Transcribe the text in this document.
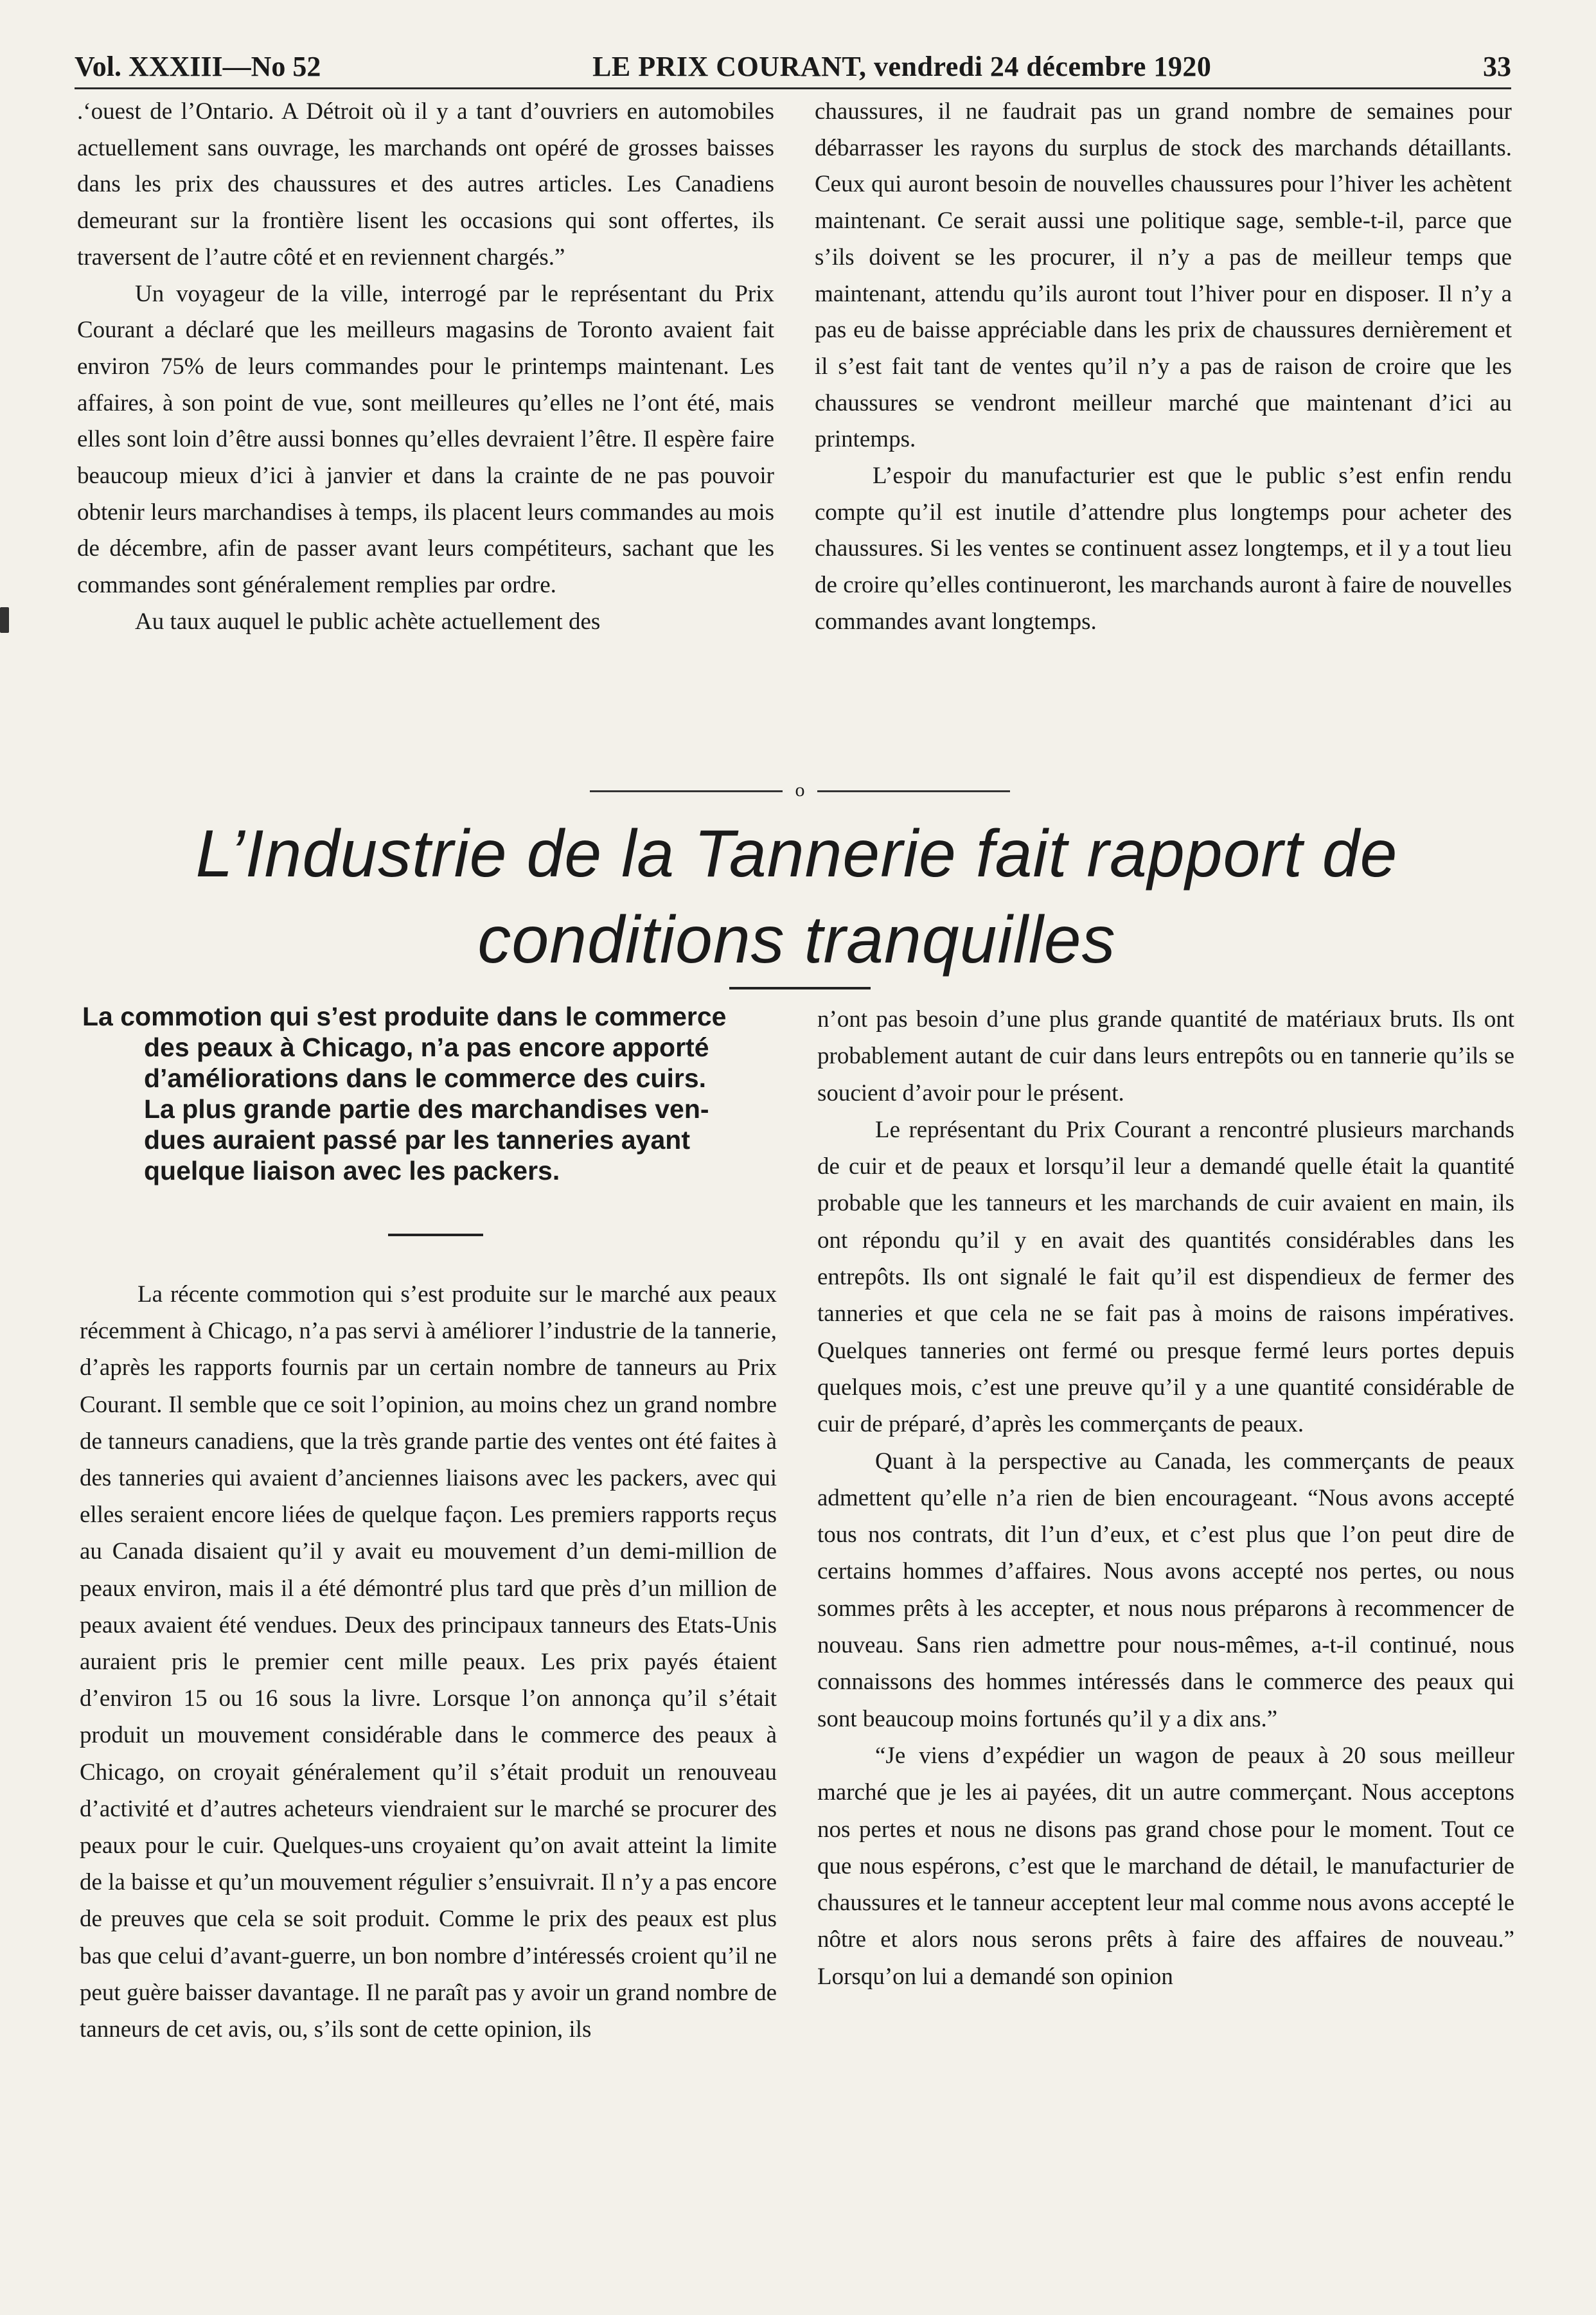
Vol. XXXIII—No 52	LE PRIX COURANT, vendredi 24 décembre 1920	33

.‘ouest de l’Ontario. A Détroit où il y a tant d’ouvriers en automobiles actuellement sans ouvrage, les marchands ont opéré de grosses baisses dans les prix des chaussures et des autres articles. Les Canadiens demeurant sur la frontière lisent les occasions qui sont offertes, ils traversent de l’autre côté et en reviennent chargés.”

Un voyageur de la ville, interrogé par le représentant du Prix Courant a déclaré que les meilleurs magasins de Toronto avaient fait environ 75% de leurs commandes pour le printemps maintenant. Les affaires, à son point de vue, sont meilleures qu’elles ne l’ont été, mais elles sont loin d’être aussi bonnes qu’elles devraient l’être. Il espère faire beaucoup mieux d’ici à janvier et dans la crainte de ne pas pouvoir obtenir leurs marchandises à temps, ils placent leurs commandes au mois de décembre, afin de passer avant leurs compétiteurs, sachant que les commandes sont généralement remplies par ordre.

Au taux auquel le public achète actuellement des

chaussures, il ne faudrait pas un grand nombre de semaines pour débarrasser les rayons du surplus de stock des marchands détaillants. Ceux qui auront besoin de nouvelles chaussures pour l’hiver les achètent maintenant. Ce serait aussi une politique sage, semble-t-il, parce que s’ils doivent se les procurer, il n’y a pas de meilleur temps que maintenant, attendu qu’ils auront tout l’hiver pour en disposer. Il n’y a pas eu de baisse appréciable dans les prix de chaussures dernièrement et il s’est fait tant de ventes qu’il n’y a pas de raison de croire que les chaussures se vendront meilleur marché que maintenant d’ici au printemps.

L’espoir du manufacturier est que le public s’est enfin rendu compte qu’il est inutile d’attendre plus longtemps pour acheter des chaussures. Si les ventes se continuent assez longtemps, et il y a tout lieu de croire qu’elles continueront, les marchands auront à faire de nouvelles commandes avant longtemps.

o
L’Industrie de la Tannerie fait rapport de
conditions tranquilles
La commotion qui s’est produite dans le commerce
des peaux à Chicago, n’a pas encore apporté
d’améliorations dans le commerce des cuirs.
La plus grande partie des marchandises ven-
dues auraient passé par les tanneries ayant
quelque liaison avec les packers.

La récente commotion qui s’est produite sur le marché aux peaux récemment à Chicago, n’a pas servi à améliorer l’industrie de la tannerie, d’après les rapports fournis par un certain nombre de tanneurs au Prix Courant. Il semble que ce soit l’opinion, au moins chez un grand nombre de tanneurs canadiens, que la très grande partie des ventes ont été faites à des tanneries qui avaient d’anciennes liaisons avec les packers, avec qui elles seraient encore liées de quelque façon. Les premiers rapports reçus au Canada disaient qu’il y avait eu mouvement d’un demi-million de peaux environ, mais il a été démontré plus tard que près d’un million de peaux avaient été vendues. Deux des principaux tanneurs des Etats-Unis auraient pris le premier cent mille peaux. Les prix payés étaient d’environ 15 ou 16 sous la livre. Lorsque l’on annonça qu’il s’était produit un mouvement considérable dans le commerce des peaux à Chicago, on croyait généralement qu’il s’était produit un renouveau d’activité et d’autres acheteurs viendraient sur le marché se procurer des peaux pour le cuir. Quelques-uns croyaient qu’on avait atteint la limite de la baisse et qu’un mouvement régulier s’ensuivrait. Il n’y a pas encore de preuves que cela se soit produit. Comme le prix des peaux est plus bas que celui d’avant-guerre, un bon nombre d’intéressés croient qu’il ne peut guère baisser davantage. Il ne paraît pas y avoir un grand nombre de tanneurs de cet avis, ou, s’ils sont de cette opinion, ils

n’ont pas besoin d’une plus grande quantité de matériaux bruts. Ils ont probablement autant de cuir dans leurs entrepôts ou en tannerie qu’ils se soucient d’avoir pour le présent.

Le représentant du Prix Courant a rencontré plusieurs marchands de cuir et de peaux et lorsqu’il leur a demandé quelle était la quantité probable que les tanneurs et les marchands de cuir avaient en main, ils ont répondu qu’il y en avait des quantités considérables dans les entrepôts. Ils ont signalé le fait qu’il est dispendieux de fermer des tanneries et que cela ne se fait pas à moins de raisons impératives. Quelques tanneries ont fermé ou presque fermé leurs portes depuis quelques mois, c’est une preuve qu’il y a une quantité considérable de cuir de préparé, d’après les commerçants de peaux.

Quant à la perspective au Canada, les commerçants de peaux admettent qu’elle n’a rien de bien encourageant. “Nous avons accepté tous nos contrats, dit l’un d’eux, et c’est plus que l’on peut dire de certains hommes d’affaires. Nous avons accepté nos pertes, ou nous sommes prêts à les accepter, et nous nous préparons à recommencer de nouveau. Sans rien admettre pour nous-mêmes, a-t-il continué, nous connaissons des hommes intéressés dans le commerce des peaux qui sont beaucoup moins fortunés qu’il y a dix ans.”

“Je viens d’expédier un wagon de peaux à 20 sous meilleur marché que je les ai payées, dit un autre commerçant. Nous acceptons nos pertes et nous ne disons pas grand chose pour le moment. Tout ce que nous espérons, c’est que le marchand de détail, le manufacturier de chaussures et le tanneur acceptent leur mal comme nous avons accepté le nôtre et alors nous serons prêts à faire des affaires de nouveau.” Lorsqu’on lui a demandé son opinion
